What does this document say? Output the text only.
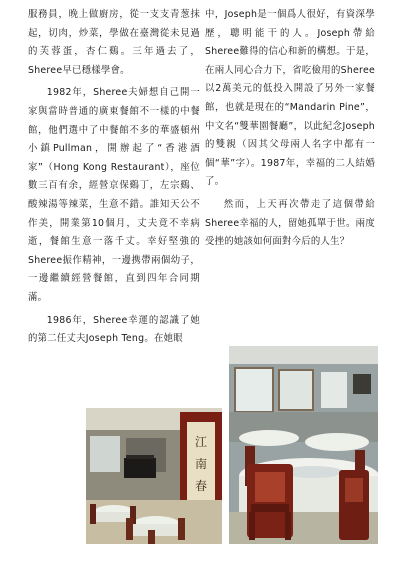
服務員，晚上做廚房，從一支支青葱抹起，切肉，炒菜，學做在臺灣從未見過的芙蓉蛋，杏仁鷄。三年過去了，Sheree早已穩樣學會。

1982年，Sheree夫婦想自己開一家與當時普通的廣東餐館不一樣的中餐館，他們選中了中餐館不多的華盛頓州小鎮Pullman，開辦起了“香港酒家”（Hong Kong Restaurant），座位數三百有余，經營京保鷄丁，左宗鷄、酸辣湯等辣菜，生意不錯。誰知天公不作美，開業第10個月，丈夫竟不幸病逝，餐館生意一落千丈。幸好堅強的Sheree振作精神，一邊携帶兩個幼子，一邊繼續經營餐館，直到四年合同期滿。

1986年，Sheree幸運的認識了她的第二任丈夫Joseph Teng。在她眼

中，Joseph是一個爲人很好，有資深學歷，聰明能干的人。Joseph帶給Sheree難得的信心和新的構想。于是，在兩人同心合力下，省吃儉用的Sheree以2萬美元的低投入開設了另外一家餐館，也就是現在的“Mandarin Pine”，中文名“雙華園餐廳”，以此紀念Joseph的雙親（因其父母兩人名字中都有一個“華”字）。1987年，幸福的二人結婚了。

然而，上天再次帶走了這個帶給Sheree幸福的人，留她孤單于世。兩度受挫的她該如何面對今后的人生？

江
南
春
